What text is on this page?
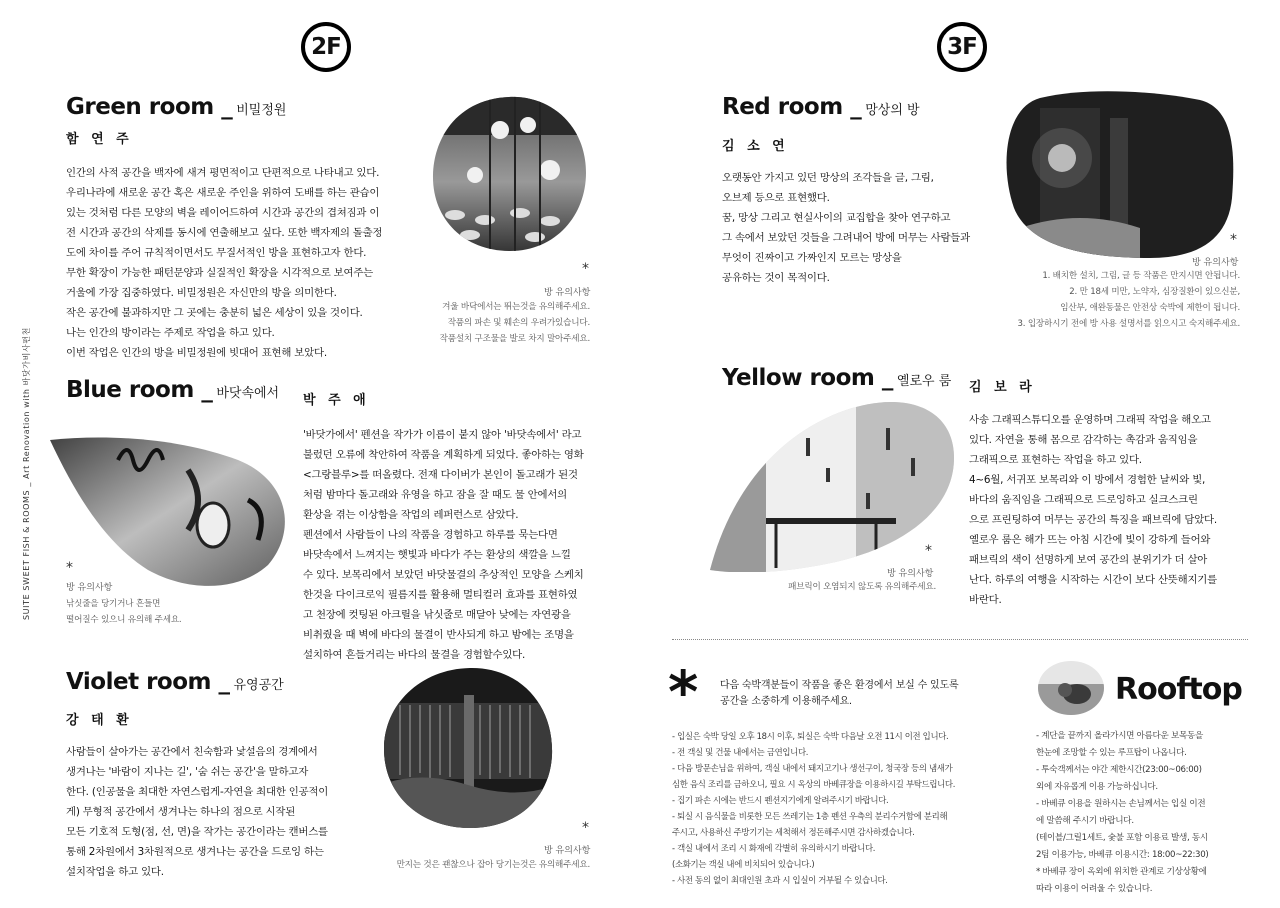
SUITE SWEET FISH & ROOMS _ Art Renovation with 바닷가비사편천
2F	3F
Green room _ 비밀정원
함 연 주
인간의 사적 공간을 백자에 새겨 평면적이고 단편적으로 나타내고 있다.
우리나라에 새로운 공간 혹은 새로운 주인을 위하여 도배를 하는 관습이
있는 것처럼 다른 모양의 벽을 레이어드하여 시간과 공간의 겹쳐짐과 이
전 시간과 공간의 삭제를 동시에 연출해보고 싶다. 또한 백자제의 돌출정
도에 차이를 주어 규칙적이면서도 무질서적인 방을 표현하고자 한다.
무한 확장이 가능한 패턴문양과 실질적인 확장을 시각적으로 보여주는
거울에 가장 집중하였다. 비밀정원은 자신만의 방을 의미한다.
작은 공간에 불과하지만 그 곳에는 충분히 넓은 세상이 있을 것이다.
나는 인간의 방이라는 주제로 작업을 하고 있다.
이번 작업은 인간의 방을 비밀정원에 빗대어 표현해 보았다.
*
방 유의사항
겨울 바닥에서는 뛰는것을 유의해주세요.
작품의 파손 및 훼손의 우려가있습니다.
작품설치 구조물을 발로 차지 말아주세요.
Blue room _ 바닷속에서 박 주 애
'바닷가에서' 펜션을 작가가 이름이 붙지 않아 '바닷속에서' 라고
불렀던 오류에 착안하여 작품을 계획하게 되었다. 좋아하는 영화
<그랑블루>를 떠올렸다. 전재 다이버가 본인이 돌고래가 된것
처럼 밤마다 돌고래와 유영을 하고 잠을 잘 때도 물 안에서의
환상을 겪는 이상함을 작업의 레퍼런스로 삼았다.
펜션에서 사람들이 나의 작품을 경험하고 하루를 묵는다면
바닷속에서 느껴지는 햇빛과 바다가 주는 환상의 색깔을 느낄
수 있다. 보목리에서 보았던 바닷물결의 추상적인 모양을 스케치
한것을 다이크로익 필름지를 활용해 멀티컬러 효과를 표현하였
고 천장에 컷팅된 아크릴을 낚싯줄로 매달아 낮에는 자연광을
비취줬을 때 벽에 바다의 물결이 반사되게 하고 밤에는 조명을
설치하여 흔들거리는 바다의 물결을 경험할수있다.
*
방 유의사항
낚싯줄을 당기거나 흔들면
떨어질수 있으니 유의해 주세요.
Violet room _ 유영공간
강 태 환
사람들이 살아가는 공간에서 친숙함과 낯설음의 경계에서
생겨나는 '바람이 지나는 길', '숨 쉬는 공간'을 말하고자
한다. (인공물을 최대한 자연스럽게-자연을 최대한 인공적이
게) 무형적 공간에서 생겨나는 하나의 점으로 시작된
모든 기호적 도형(점, 선, 면)을 작가는 공간이라는 캔버스를
통해 2차원에서 3차원적으로 생겨나는 공간을 드로잉 하는
설치작업을 하고 있다.
*
방 유의사항
만지는 것은 괜찮으나 잡아 당기는것은 유의해주세요.
Red room _ 망상의 방
김 소 연
오랫동안 가지고 있던 망상의 조각들을 글, 그림,
오브제 등으로 표현했다.
꿈, 망상 그리고 현실사이의 교집합을 찾아 연구하고
그 속에서 보았던 것들을 그려내어 방에 머무는 사람들과
무엇이 진짜이고 가짜인지 모르는 망상을
공유하는 것이 목적이다.
*
방 유의사항
1. 배치한 설치, 그림, 글 등 작품은 만지시면 안됩니다.
2. 만 18세 미만, 노약자, 심장질환이 있으신분,
임산부, 애완동물은 안전상 숙박에 제한이 됩니다.
3. 입장하시기 전에 방 사용 설명서를 읽으시고 숙지해주세요.
Yellow room _ 옐로우 룸 김 보 라
사송 그래픽스튜디오를 운영하며 그래픽 작업을 해오고
있다. 자연을 통해 몸으로 감각하는 촉감과 움직임을
그래픽으로 표현하는 작업을 하고 있다.
4~6월, 서귀포 보목리와 이 방에서 경험한 날씨와 빛,
바다의 움직임을 그래픽으로 드로잉하고 실크스크린
으로 프린팅하여 머무는 공간의 특징을 패브릭에 담았다.
옐로우 룸은 해가 뜨는 아침 시간에 빛이 강하게 들어와
패브릭의 색이 선명하게 보여 공간의 분위기가 더 살아
난다. 하루의 여행을 시작하는 시간이 보다 산뜻해지기를
바란다.
*
방 유의사항
패브릭이 오염되지 않도록 유의해주세요.
* 다음 숙박객분들이 작품을 좋은 환경에서 보실 수 있도록
공간을 소중하게 이용해주세요.
- 입실은 숙박 당일 오후 18시 이후, 퇴실은 숙박 다음날 오전 11시 이전 입니다.
- 전 객실 및 건물 내에서는 금연입니다.
- 다음 방문손님을 위하여, 객실 내에서 돼지고기나 생선구이, 청국장 등의 냄새가
심한 음식 조리를 금하오니, 필요 시 옥상의 바베큐장을 이용하시길 부탁드립니다.
- 집기 파손 시에는 반드시 펜션지기에게 알려주시기 바랍니다.
- 퇴실 시 음식물을 비롯한 모든 쓰레기는 1층 펜션 우측의 분리수거함에 분리해
주시고, 사용하신 주방기기는 세척해서 정돈해주시면 감사하겠습니다.
- 객실 내에서 조리 시 화재에 각별히 유의하시기 바랍니다.
(소화기는 객실 내에 비치되어 있습니다.)
- 사전 동의 없이 최대인원 초과 시 입실이 거부될 수 있습니다.
Rooftop
- 계단을 끝까지 올라가시면 아름다운 보목동을
한눈에 조망할 수 있는 루프탑이 나옵니다.
- 투숙객께서는 야간 제한시간(23:00~06:00)
외에 자유롭게 이용 가능하십니다.
- 바베큐 이용을 원하시는 손님께서는 입실 이전
에 말씀해 주시기 바랍니다.
(테이블/그릴1세트, 숯불 포함 이용료 발생, 동시
2팀 이용가능, 바베큐 이용시간: 18:00~22:30)
* 바베큐 장이 옥외에 위치한 관계로 기상상황에
따라 이용이 어려울 수 있습니다.
